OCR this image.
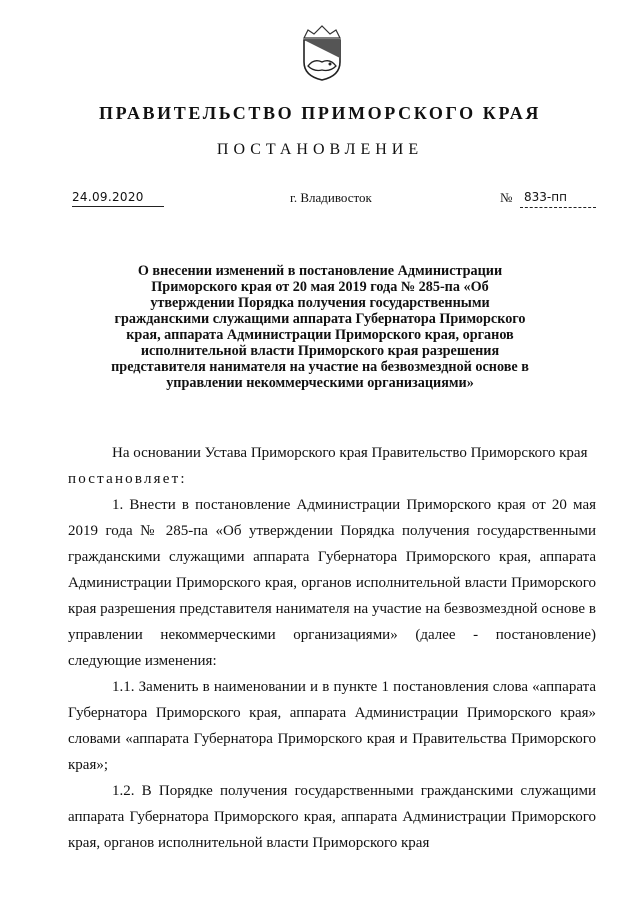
ПРАВИТЕЛЬСТВО ПРИМОРСКОГО КРАЯ
ПОСТАНОВЛЕНИЕ
24.09.2020	г. Владивосток	№ 833-пп
О внесении изменений в постановление Администрации Приморского края от 20 мая 2019 года № 285-па «Об утверждении Порядка получения государственными гражданскими служащими аппарата Губернатора Приморского края, аппарата Администрации Приморского края, органов исполнительной власти Приморского края разрешения представителя нанимателя на участие на безвозмездной основе в управлении некоммерческими организациями»

На основании Устава Приморского края Правительство Приморского края

постановляет:

1. Внести в постановление Администрации Приморского края от 20 мая 2019 года № 285-па «Об утверждении Порядка получения государственными гражданскими служащими аппарата Губернатора Приморского края, аппарата Администрации Приморского края, органов исполнительной власти Приморского края разрешения представителя нанимателя на участие на безвозмездной основе в управлении некоммерческими организациями» (далее - постановление) следующие изменения:

1.1. Заменить в наименовании и в пункте 1 постановления слова «аппарата Губернатора Приморского края, аппарата Администрации Приморского края» словами «аппарата Губернатора Приморского края и Правительства Приморского края»;

1.2. В Порядке получения государственными гражданскими служащими аппарата Губернатора Приморского края, аппарата Администрации Приморского края, органов исполнительной власти Приморского края
